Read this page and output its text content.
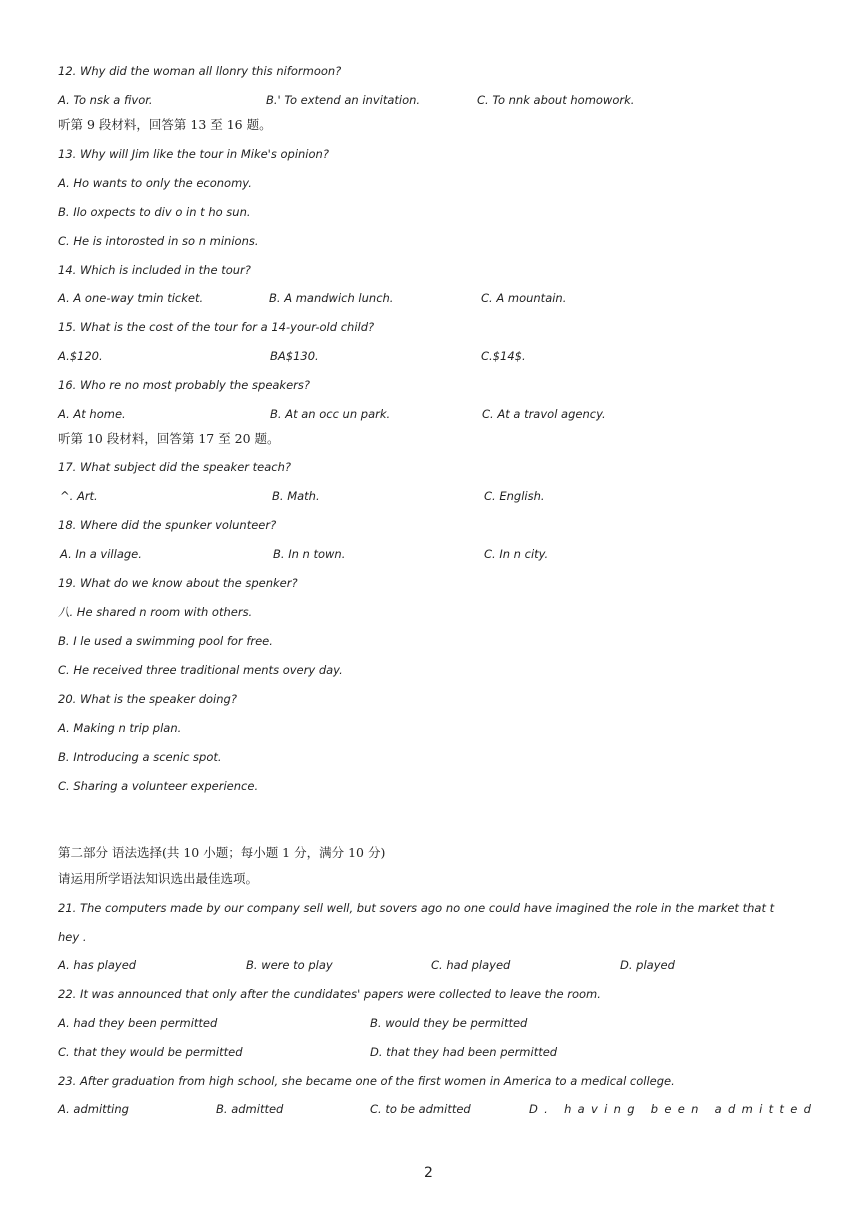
12. Why did the woman all llonry this niformoon?
A. To nsk a fivor.	B.' To extend an invitation.	C. To nnk about homowork.
听第 9 段材料，回答第 13 至 16 题。
13. Why will Jim like the tour in Mike's opinion?
A. Ho wants to only the economy.
B. Ilo oxpects to div o in t ho sun.
C. He is intorosted in so n minions.
14. Which is included in the tour?
A. A one-way tmin ticket.	B. A mandwich lunch.	C. A mountain.
15. What is the cost of the tour for a 14-your-old child?
A.$120.	BA$130.	C.$14$.
16. Who re no most probably the speakers?
A. At home.	B. At an occ un park.	C. At a travol agency.
听第 10 段材料，回答第 17 至 20 题。
17. What subject did the speaker teach?
^. Art.	B. Math.	C. English.
18. Where did the spunker volunteer?
A. In a village.	B. In n town.	C. In n city.
19. What do we know about the spenker?
八. He shared n room with others.
B. I le used a swimming pool for free.
C. He received three traditional ments overy day.
20. What is the speaker doing?
A. Making n trip plan.
B. Introducing a scenic spot.
C. Sharing a volunteer experience.
第二部分 语法选择(共 10 小题；每小题 1 分，满分 10 分)
请运用所学语法知识选出最佳选项。
21. The computers made by our company sell well, but sovers ago no one could have imagined the role in the market that t
hey .
A. has played	B. were to play	C. had played	D. played
22. It was announced that only after the cundidates' papers were collected to leave the room.
A. had they been permitted	B. would they be permitted
C. that they would be permitted	D. that they had been permitted
23. After graduation from high school, she became one of the first women in America to a medical college.
A. admitting	B. admitted	C. to be admitted	D. having been admitted
2
